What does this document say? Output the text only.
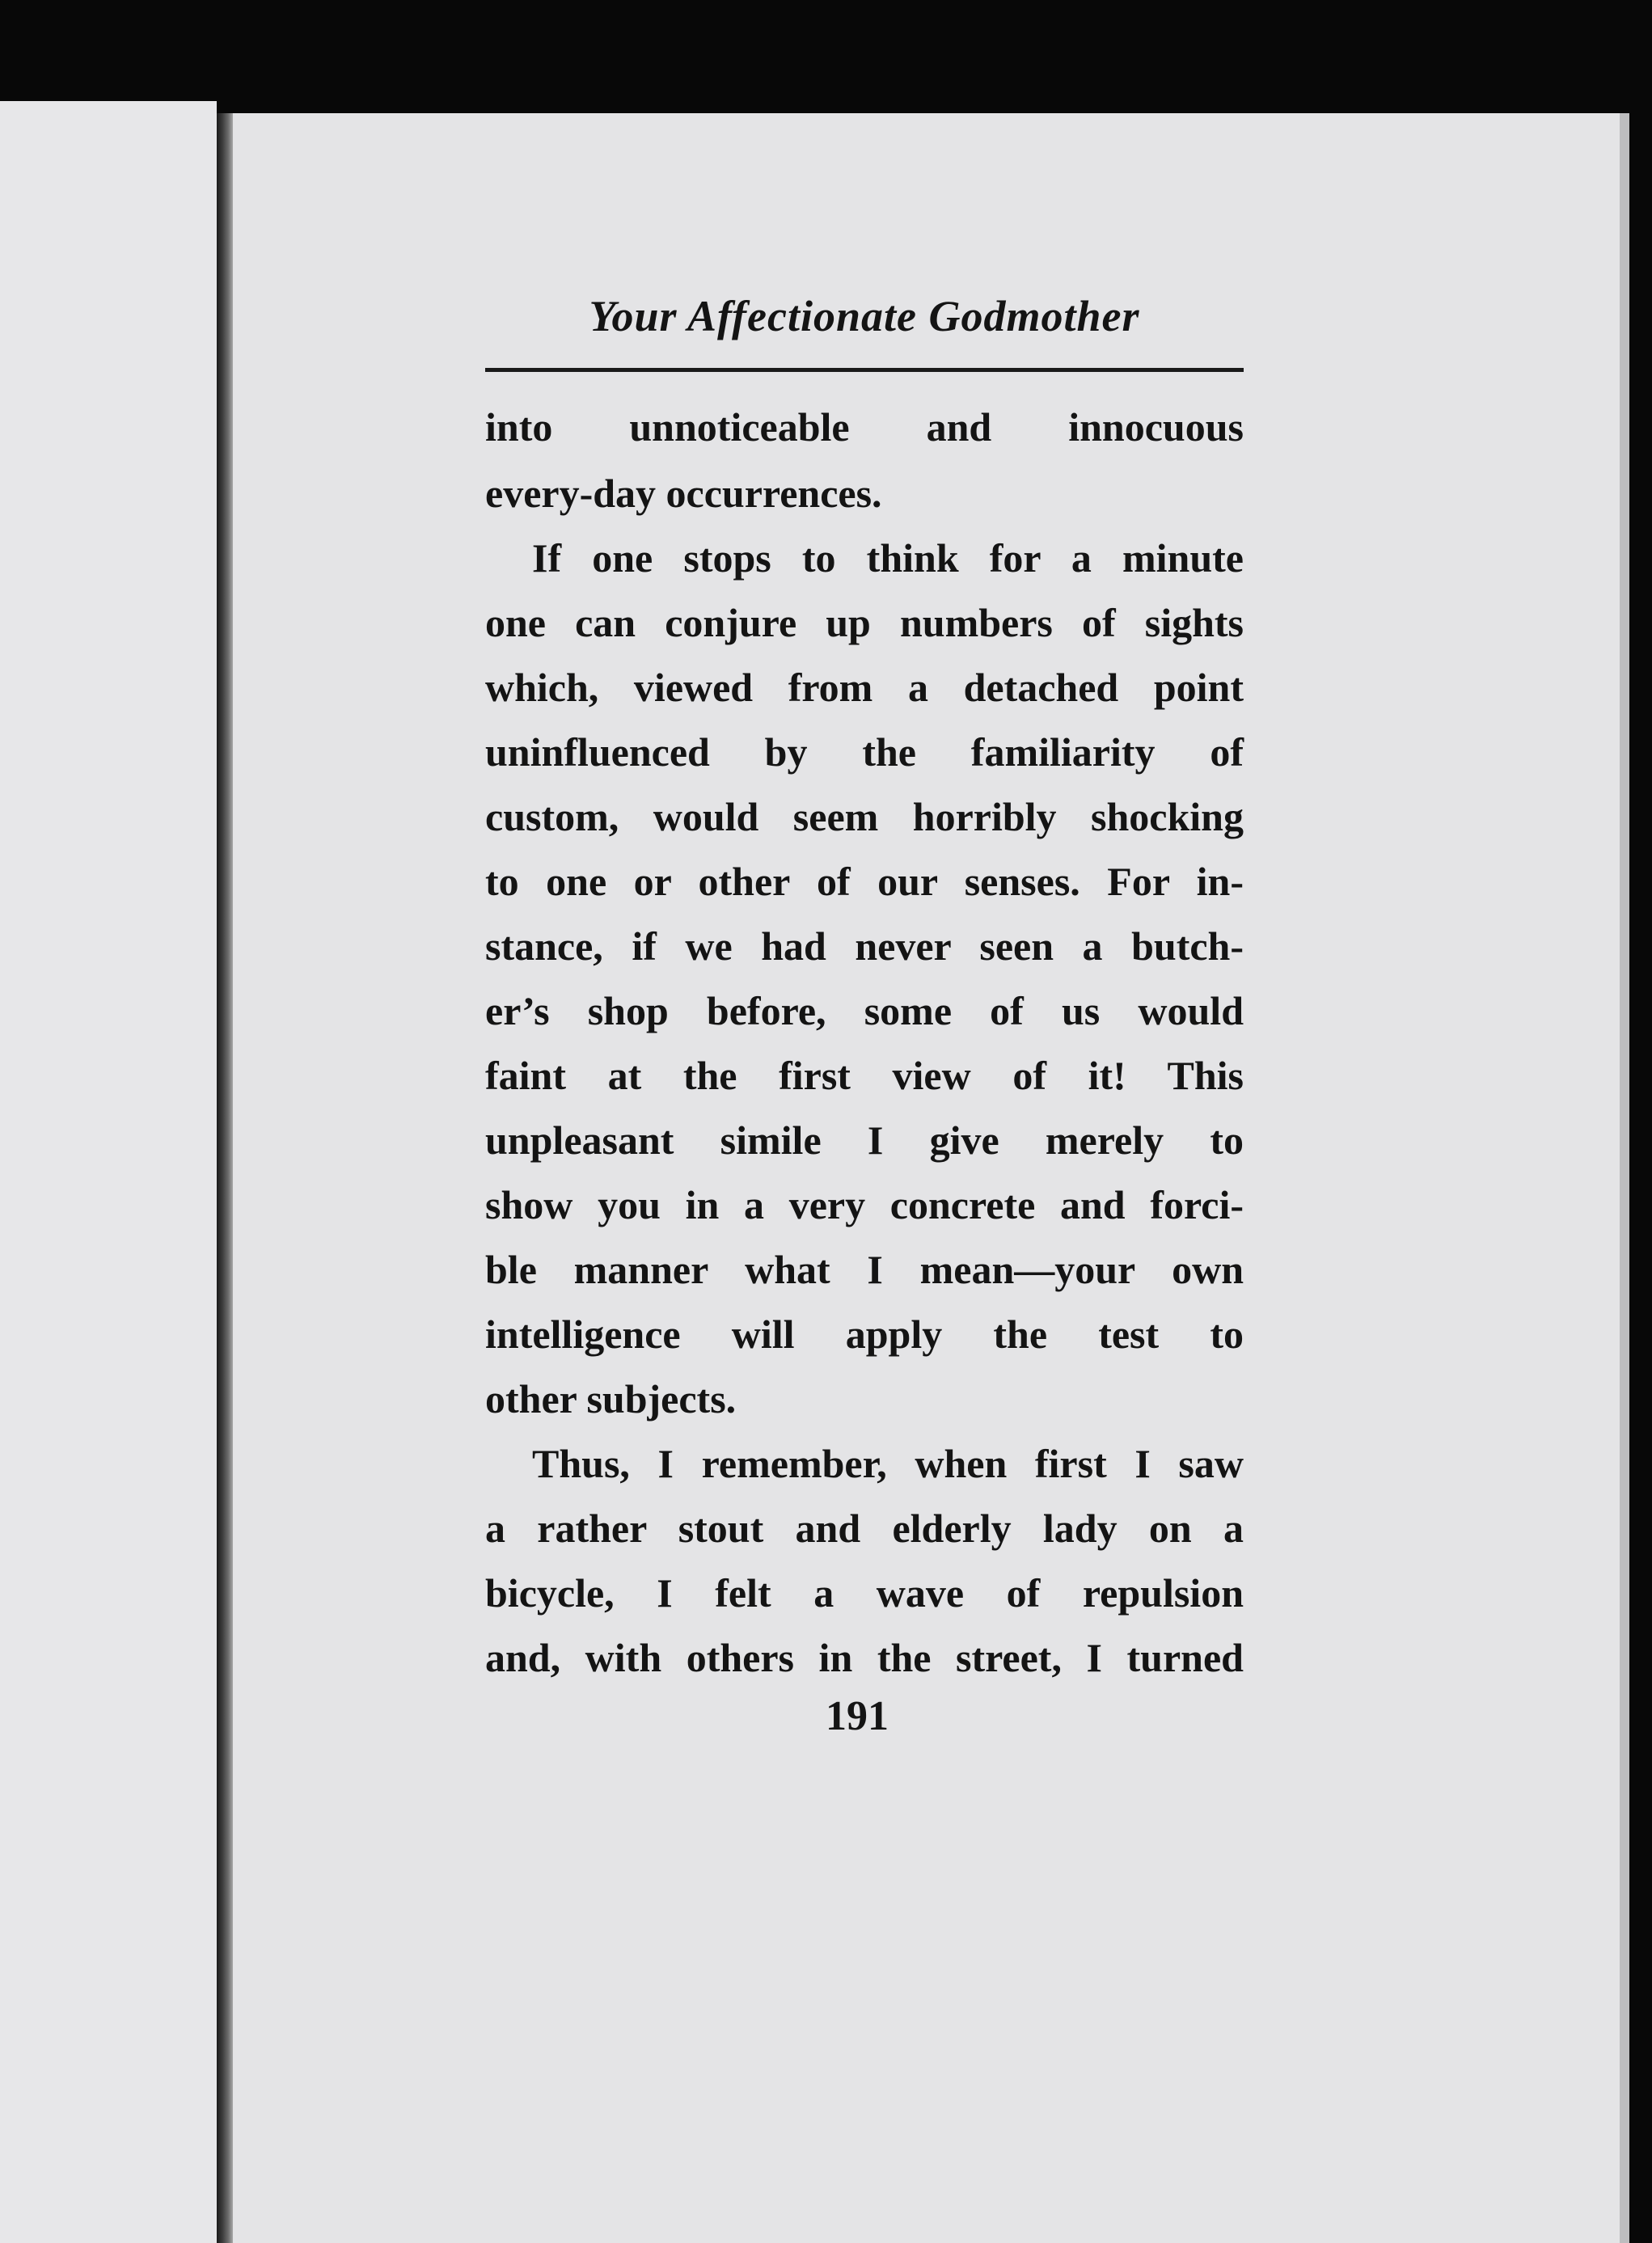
Your Affectionate Godmother
into unnoticeable and innocuous
every-day occurrences.
If one stops to think for a minute
one can conjure up numbers of sights
which, viewed from a detached point
uninfluenced by the familiarity of
custom, would seem horribly shocking
to one or other of our senses. For in-
stance, if we had never seen a butch-
er’s shop before, some of us would
faint at the first view of it! This
unpleasant simile I give merely to
show you in a very concrete and forci-
ble manner what I mean—your own
intelligence will apply the test to
other subjects.
Thus, I remember, when first I saw
a rather stout and elderly lady on a
bicycle, I felt a wave of repulsion
and, with others in the street, I turned
191
